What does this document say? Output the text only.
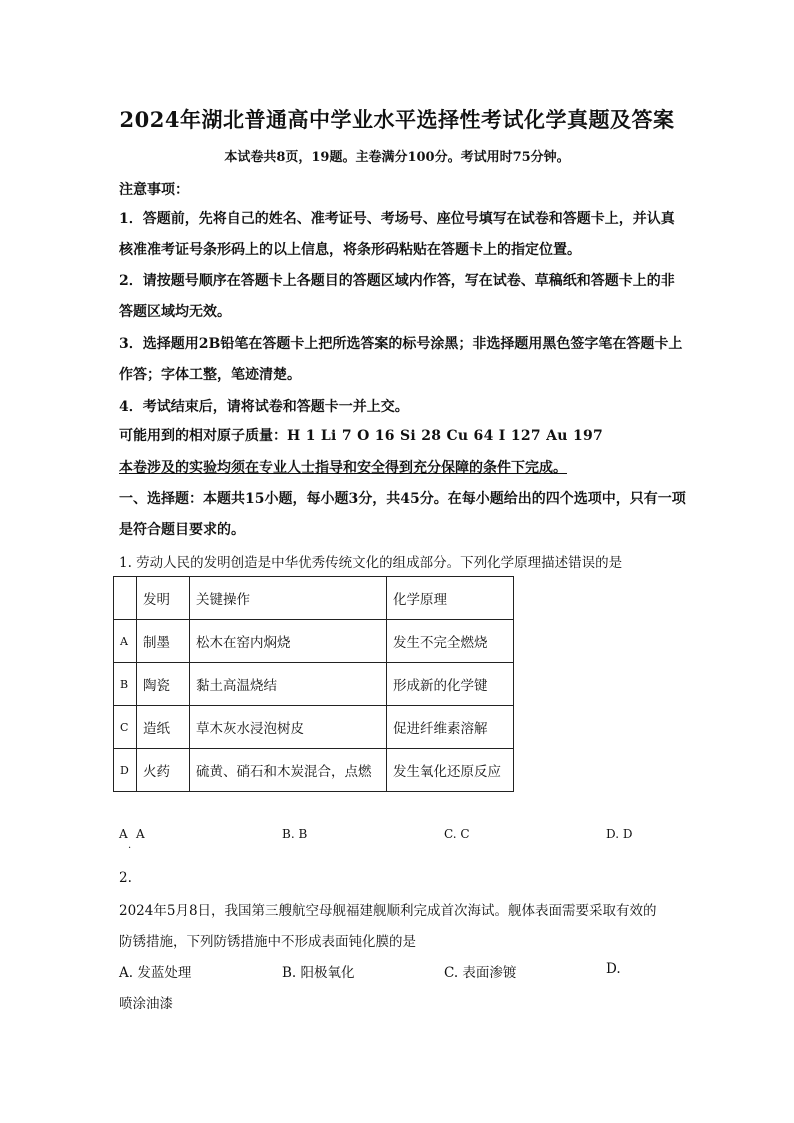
2024年湖北普通高中学业水平选择性考试化学真题及答案
本试卷共8页，19题。主卷满分100分。考试用时75分钟。
注意事项：
1．答题前，先将自己的姓名、准考证号、考场号、座位号填写在试卷和答题卡上，并认真
核准准考证号条形码上的以上信息，将条形码粘贴在答题卡上的指定位置。
2．请按题号顺序在答题卡上各题目的答题区域内作答，写在试卷、草稿纸和答题卡上的非
答题区域均无效。
3．选择题用2B铅笔在答题卡上把所选答案的标号涂黑；非选择题用黑色签字笔在答题卡上
作答；字体工整，笔迹清楚。
4．考试结束后，请将试卷和答题卡一并上交。
可能用到的相对原子质量：H 1 Li 7 O 16 Si 28 Cu 64 I 127 Au 197
本卷涉及的实验均须在专业人士指导和安全得到充分保障的条件下完成。
一、选择题：本题共15小题，每小题3分，共45分。在每小题给出的四个选项中，只有一项
是符合题目要求的。
1. 劳动人民的发明创造是中华优秀传统文化的组成部分。下列化学原理描述错误的是
	发明	关键操作	化学原理
A	制墨	松木在窑内焖烧	发生不完全燃烧
B	陶瓷	黏土高温烧结	形成新的化学键
C	造纸	草木灰水浸泡树皮	促进纤维素溶解
D	火药	硫黄、硝石和木炭混合，点燃	发生氧化还原反应
A A
.
B. B	C. C	D. D
2.
2024年5月8日，我国第三艘航空母舰福建舰顺利完成首次海试。舰体表面需要采取有效的
防锈措施，下列防锈措施中不形成表面钝化膜的是
A. 发蓝处理	B. 阳极氧化	C. 表面渗镀	D.
喷涂油漆
